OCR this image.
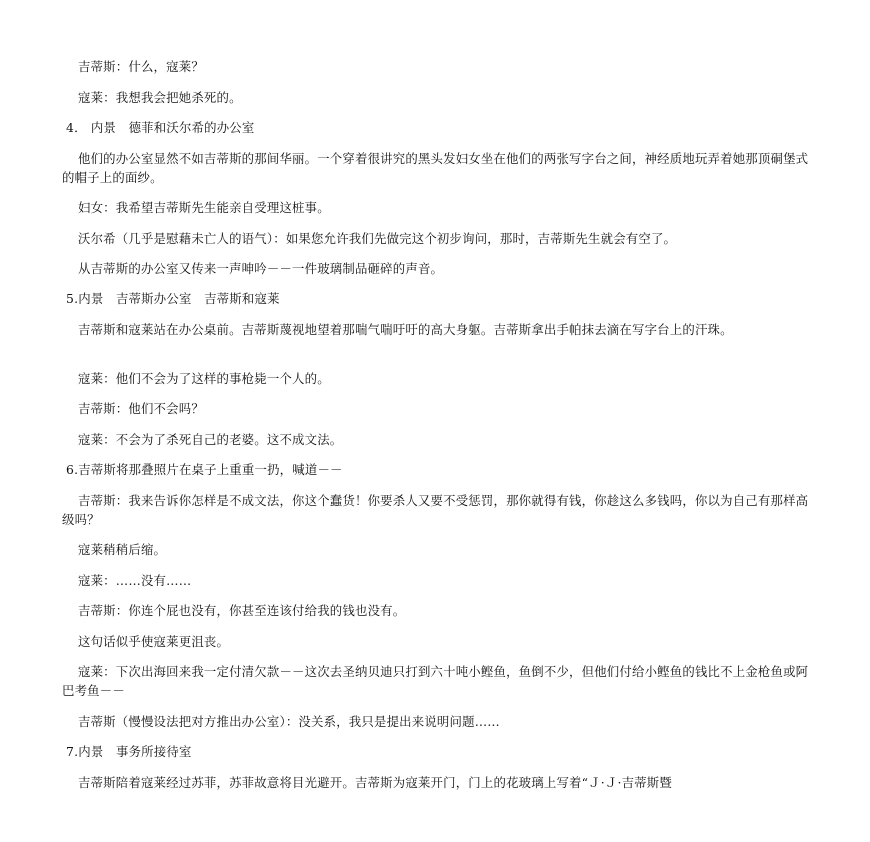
吉蒂斯：什么，寇莱？
寇莱：我想我会把她杀死的。
4． 内景　德菲和沃尔希的办公室
他们的办公室显然不如吉蒂斯的那间华丽。一个穿着很讲究的黑头发妇女坐在他们的两张写字台之间，神经质地玩弄着她那顶硐堡式的帽子上的面纱。
妇女：我希望吉蒂斯先生能亲自受理这桩事。
沃尔希（几乎是慰藉未亡人的语气）：如果您允许我们先做完这个初步询问，那时，吉蒂斯先生就会有空了。
从吉蒂斯的办公室又传来一声呻吟－－一件玻璃制品砸碎的声音。
5.内景　吉蒂斯办公室　吉蒂斯和寇莱
吉蒂斯和寇莱站在办公桌前。吉蒂斯蔑视地望着那喘气喘吁吁的高大身躯。吉蒂斯拿出手帕抹去滴在写字台上的汗珠。
寇莱：他们不会为了这样的事枪毙一个人的。
吉蒂斯：他们不会吗？
寇莱：不会为了杀死自己的老婆。这不成文法。
6.吉蒂斯将那叠照片在桌子上重重一扔，喊道－－
吉蒂斯：我来告诉你怎样是不成文法，你这个蠢货！你要杀人又要不受惩罚，那你就得有钱，你趁这么多钱吗，你以为自己有那样高级吗？
寇莱稍稍后缩。
寇莱：……没有……
吉蒂斯：你连个屁也没有，你甚至连该付给我的钱也没有。
这句话似乎使寇莱更沮丧。
寇莱：下次出海回来我一定付清欠款－－这次去圣纳贝迪只打到六十吨小鲣鱼，鱼倒不少，但他们付给小鲣鱼的钱比不上金枪鱼或阿巴考鱼－－
吉蒂斯（慢慢设法把对方推出办公室）：没关系，我只是提出来说明问题……
7.内景　事务所接待室
吉蒂斯陪着寇莱经过苏菲，苏菲故意将目光避开。吉蒂斯为寇莱开门，门上的花玻璃上写着“Ｊ·Ｊ·吉蒂斯暨
